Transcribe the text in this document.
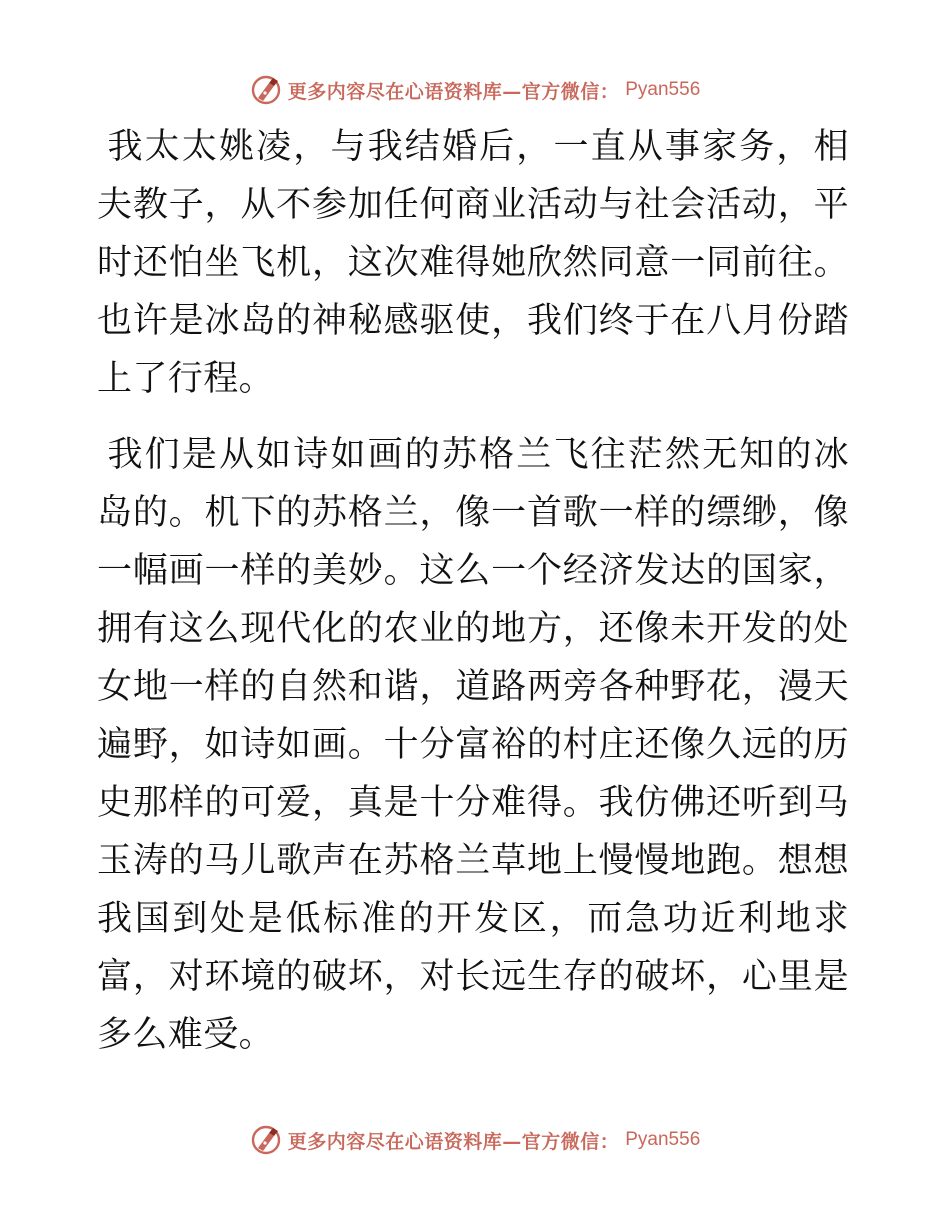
更多内容尽在心语资料库—官方微信： Pyan556

我太太姚凌，与我结婚后，一直从事家务，相夫教子，从不参加任何商业活动与社会活动，平时还怕坐飞机，这次难得她欣然同意一同前往。也许是冰岛的神秘感驱使，我们终于在八月份踏上了行程。

我们是从如诗如画的苏格兰飞往茫然无知的冰岛的。机下的苏格兰，像一首歌一样的缥缈，像一幅画一样的美妙。这么一个经济发达的国家，拥有这么现代化的农业的地方，还像未开发的处女地一样的自然和谐，道路两旁各种野花，漫天遍野，如诗如画。十分富裕的村庄还像久远的历史那样的可爱，真是十分难得。我仿佛还听到马玉涛的马儿歌声在苏格兰草地上慢慢地跑。想想我国到处是低标准的开发区，而急功近利地求富，对环境的破坏，对长远生存的破坏，心里是多么难受。

更多内容尽在心语资料库—官方微信： Pyan556
